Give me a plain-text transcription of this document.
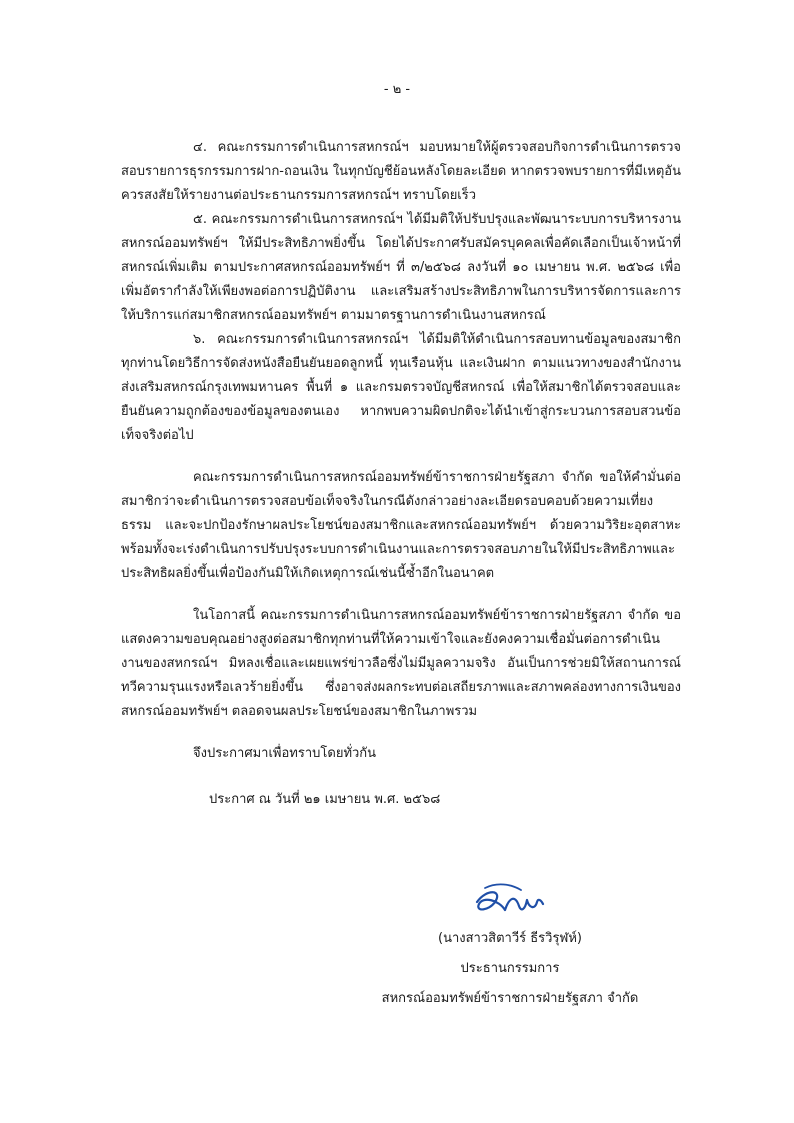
- ๒ -

๔. คณะกรรมการดำเนินการสหกรณ์ฯ มอบหมายให้ผู้ตรวจสอบกิจการดำเนินการตรวจสอบรายการธุรกรรมการฝาก-ถอนเงิน ในทุกบัญชีย้อนหลังโดยละเอียด หากตรวจพบรายการที่มีเหตุอันควรสงสัยให้รายงานต่อประธานกรรมการสหกรณ์ฯ ทราบโดยเร็ว

๕. คณะกรรมการดำเนินการสหกรณ์ฯ ได้มีมติให้ปรับปรุงและพัฒนาระบบการบริหารงานสหกรณ์ออมทรัพย์ฯ ให้มีประสิทธิภาพยิ่งขึ้น โดยได้ประกาศรับสมัครบุคคลเพื่อคัดเลือกเป็นเจ้าหน้าที่สหกรณ์เพิ่มเติม ตามประกาศสหกรณ์ออมทรัพย์ฯ ที่ ๓/๒๕๖๘ ลงวันที่ ๑๐ เมษายน พ.ศ. ๒๕๖๘ เพื่อเพิ่มอัตรากำลังให้เพียงพอต่อการปฏิบัติงาน และเสริมสร้างประสิทธิภาพในการบริหารจัดการและการให้บริการแก่สมาชิกสหกรณ์ออมทรัพย์ฯ ตามมาตรฐานการดำเนินงานสหกรณ์

๖. คณะกรรมการดำเนินการสหกรณ์ฯ ได้มีมติให้ดำเนินการสอบทานข้อมูลของสมาชิกทุกท่านโดยวิธีการจัดส่งหนังสือยืนยันยอดลูกหนี้ ทุนเรือนหุ้น และเงินฝาก ตามแนวทางของสำนักงานส่งเสริมสหกรณ์กรุงเทพมหานคร พื้นที่ ๑ และกรมตรวจบัญชีสหกรณ์ เพื่อให้สมาชิกได้ตรวจสอบและยืนยันความถูกต้องของข้อมูลของตนเอง หากพบความผิดปกติจะได้นำเข้าสู่กระบวนการสอบสวนข้อเท็จจริงต่อไป

คณะกรรมการดำเนินการสหกรณ์ออมทรัพย์ข้าราชการฝ่ายรัฐสภา จำกัด ขอให้คำมั่นต่อสมาชิกว่าจะดำเนินการตรวจสอบข้อเท็จจริงในกรณีดังกล่าวอย่างละเอียดรอบคอบด้วยความเที่ยงธรรม และจะปกป้องรักษาผลประโยชน์ของสมาชิกและสหกรณ์ออมทรัพย์ฯ ด้วยความวิริยะอุตสาหะ พร้อมทั้งจะเร่งดำเนินการปรับปรุงระบบการดำเนินงานและการตรวจสอบภายในให้มีประสิทธิภาพและประสิทธิผลยิ่งขึ้นเพื่อป้องกันมิให้เกิดเหตุการณ์เช่นนี้ซ้ำอีกในอนาคต

ในโอกาสนี้ คณะกรรมการดำเนินการสหกรณ์ออมทรัพย์ข้าราชการฝ่ายรัฐสภา จำกัด ขอแสดงความขอบคุณอย่างสูงต่อสมาชิกทุกท่านที่ให้ความเข้าใจและยังคงความเชื่อมั่นต่อการดำเนินงานของสหกรณ์ฯ มิหลงเชื่อและเผยแพร่ข่าวลือซึ่งไม่มีมูลความจริง อันเป็นการช่วยมิให้สถานการณ์ทวีความรุนแรงหรือเลวร้ายยิ่งขึ้น ซึ่งอาจส่งผลกระทบต่อเสถียรภาพและสภาพคล่องทางการเงินของสหกรณ์ออมทรัพย์ฯ ตลอดจนผลประโยชน์ของสมาชิกในภาพรวม

จึงประกาศมาเพื่อทราบโดยทั่วกัน

ประกาศ ณ วันที่ ๒๑ เมษายน พ.ศ. ๒๕๖๘

(นางสาวสิตาวีร์ ธีรวิรุฬห์)
ประธานกรรมการ
สหกรณ์ออมทรัพย์ข้าราชการฝ่ายรัฐสภา จำกัด
